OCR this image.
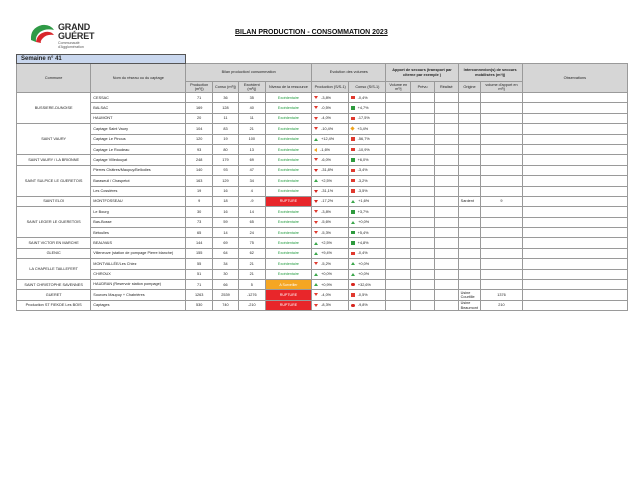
GRAND
GUÉRET
Communauté
d'Agglomération
BILAN PRODUCTION - CONSOMMATION 2023
Semaine n° 41													
Commune	Nom du réseau ou du captage	Bilan production/ consommation				Evolution des volumes		Apport de secours (transport par citerne par exemple )			Interconnexion(s) de secours mobilisées (m³/j)		Observations
		Production (m³/j)	Conso (m³/j)	Excédent (m³/j)	Niveau de la ressource	Production (S/S-1)	Conso (S/S-1)	Volume en m³/j	Prévu	Réalisé	Origine	volume d'apport en m³/j	
BUSSIERE-DUNOISE	CESSAC	71	36	35	Excédentaire	-3,8%	-0,4%						
	BALSAC	169	128	40	Excédentaire	-0,5%	+4,7%						
	HAUMONT	20	11	11	Excédentaire	-4,0%	-17,5%						
SAINT VAURY	Captage Saint Vaury	104	83	21	Excédentaire	-10,4%	+3,4%						
	Captage Le Pinous	120	19	100	Excédentaire	+12,4%	-56,7%						
	Captage Le Roudeau	93	80	13	Excédentaire	-1,6%	-10,9%						
SAINT VAURY / LA BRIONNE	Captage Villedouyat	248	179	69	Excédentaire	-6,0%	+6,0%						
SAINT SULPICE LE GUERETOIS	Pierres Châtres/Maupuy/Bellodies	140	93	47	Excédentaire	-31,8%	-3,4%						
	Baraseuil / Chaspetot	163	129	34	Excédentaire	+2,5%	-3,2%						
	Les Cossières	19	16	4	Excédentaire	-31,1%	-3,5%						
SAINT ELOI	MONTFOSSEAU	9	18	-9	RUPTURE	-17,2%	+1,6%				Sardent	9	
SAINT LEGER LE GUERETOIS	Le Bourg	30	16	14	Excédentaire	-3,8%	+3,7%						
	Bas-Bosse	73	59	65	Excédentaire	-5,6%	+0,0%						
	Bétoulles	65	14	24	Excédentaire	-5,3%	+5,4%						
SAINT VICTOR EN MARCHE	BEAUVAIS	144	69	75	Excédentaire	+2,5%	+4,8%						
GLENIC	Villeneuve (station de pompage Pierre blanche)	155	64	62	Excédentaire	+9,4%	-0,4%						
LA CHAPELLE TAILLEFERT	MONTVALLÉE/Les Chiez	55	34	21	Excédentaire	-5,2%	+0,0%						
	CHIROUX	51	30	21	Excédentaire	+0,0%	+0,0%						
SAINT CHRISTOPHE SAVENNES	HAUDRAN (Reservoir station pompage)	71	66	5	A Surveiller	+0,9%	+32,6%						
GUERET	Sources Maupuy + Chabrières	1263	2539	-1276	RUPTURE	-4,0%	-0,5%				Usine Courtille	1376	
Production ST FIEKDE Les BOIS	Captages	530	740	-210	RUPTURE	-8,3%	-9,8%				Usine Beaumont	210	
